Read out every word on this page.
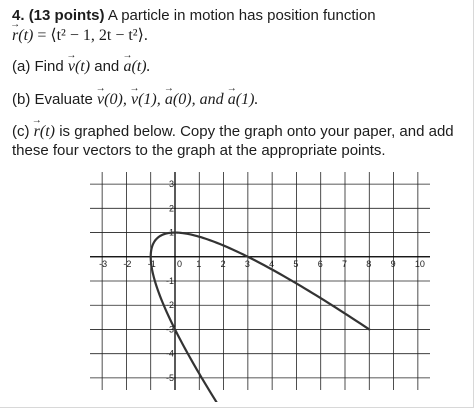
4. (13 points) A particle in motion has position function
→ r(t) = ⟨t² − 1, 2t − t²⟩.
(a) Find → v(t) and → a(t).
(b) Evaluate → v(0), → v(1), → a(0), and → a(1).
(c) → r(t) is graphed below. Copy the graph onto your paper, and add
these four vectors to the graph at the appropriate points.
-3 -2 -1 0 1 2 3 4 5 6 7 8 9 10
3
2
1
-1
-2
-3
-4
-5
